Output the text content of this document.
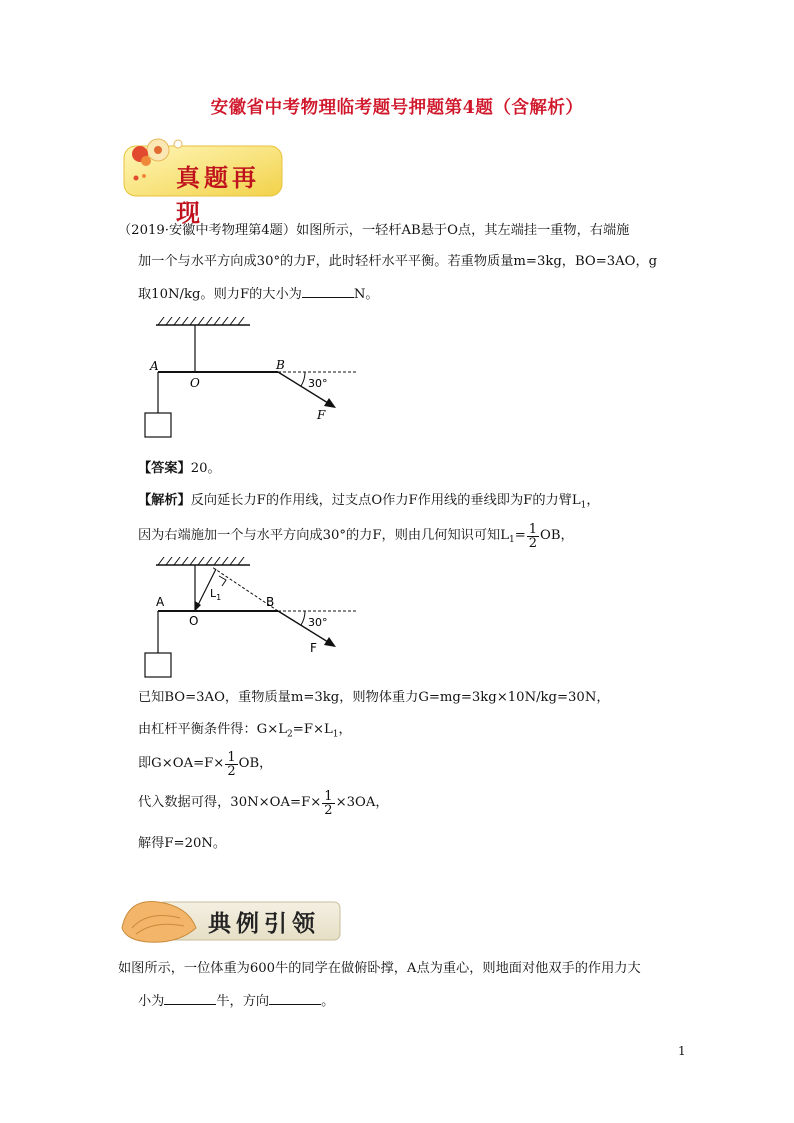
安徽省中考物理临考题号押题第4题（含解析）
真题再现
（2019·安徽中考物理第4题）如图所示，一轻杆AB悬于O点，其左端挂一重物，右端施
加一个与水平方向成30°的力F，此时轻杆水平平衡。若重物质量m=3kg，BO=3AO，g
取10N/kg。则力F的大小为	N。
A
O
B
30°
F
【答案】20。
【解析】反向延长力F的作用线，过支点O作力F作用线的垂线即为F的力臂$L_1$，
因为右端施加一个与水平方向成30°的力F，则由几何知识可知$L_1 = \frac{1}{2}$ OB，
A
O
B
30°
F
$L_1$
已知BO=3AO，重物质量m=3kg，则物体重力G=mg=3kg×10N/kg=30N，
由杠杆平衡条件得：$G\times L_2=F\times L_1$，
即$G\times OA=F\times \frac{1}{2}$ OB，
代入数据可得，$30N\times OA=F\times \frac{1}{2} \times 3OA$，
解得F=20N。
典例引领
如图所示，一位体重为600牛的同学在做俯卧撑，A点为重心，则地面对他双手的作用力大
小为	牛，方向	。
1
